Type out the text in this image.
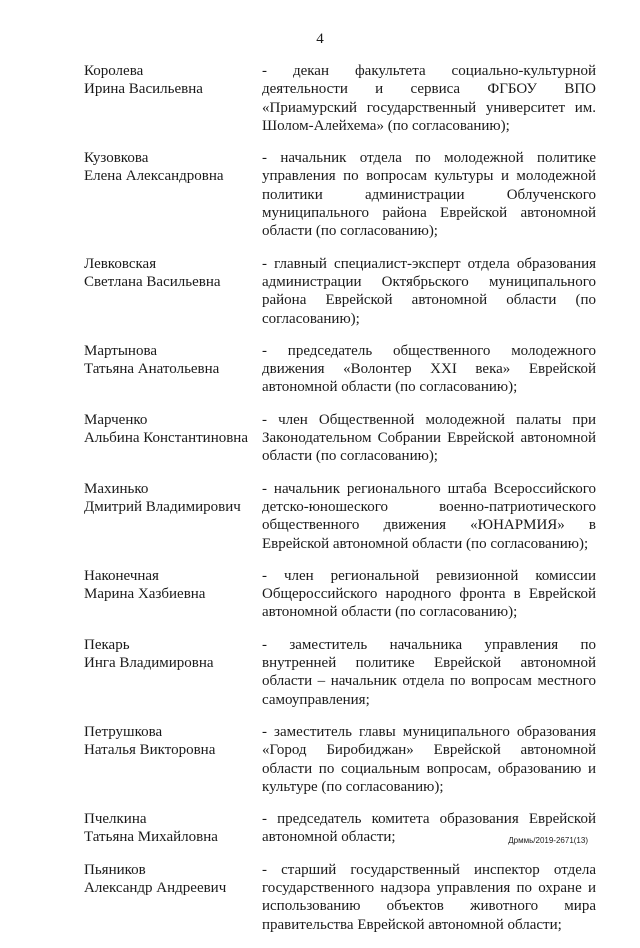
4
Королева
Ирина Васильевна
- декан факультета социально-культурной деятельности и сервиса ФГБОУ ВПО «Приамурский государственный университет им. Шолом-Алейхема» (по согласованию);
Кузовкова
Елена Александровна
- начальник отдела по молодежной политике управления по вопросам культуры и молодежной политики администрации Облученского муниципального района Еврейской автономной области (по согласованию);
Левковская
Светлана Васильевна
- главный специалист-эксперт отдела образования администрации Октябрьского муниципального района Еврейской автономной области (по согласованию);
Мартынова
Татьяна Анатольевна
- председатель общественного молодежного движения «Волонтер XXI века» Еврейской автономной области (по согласованию);
Марченко
Альбина Константиновна
- член Общественной молодежной палаты при Законодательном Собрании Еврейской автономной области (по согласованию);
Махинько
Дмитрий Владимирович
- начальник регионального штаба Всероссийского детско-юношеского военно-патриотического общественного движения «ЮНАРМИЯ» в Еврейской автономной области (по согласованию);
Наконечная
Марина Хазбиевна
- член региональной ревизионной комиссии Общероссийского народного фронта в Еврейской автономной области (по согласованию);
Пекарь
Инга Владимировна
- заместитель начальника управления по внутренней политике Еврейской автономной области – начальник отдела по вопросам местного самоуправления;
Петрушкова
Наталья Викторовна
- заместитель главы муниципального образования «Город Биробиджан» Еврейской автономной области по социальным вопросам, образованию и культуре (по согласованию);
Пчелкина
Татьяна Михайловна
- председатель комитета образования Еврейской автономной области;
Пьяников
Александр Андреевич
- старший государственный инспектор отдела государственного надзора управления по охране и использованию объектов животного мира правительства Еврейской автономной области;
Дрммь/2019-2671(13)
